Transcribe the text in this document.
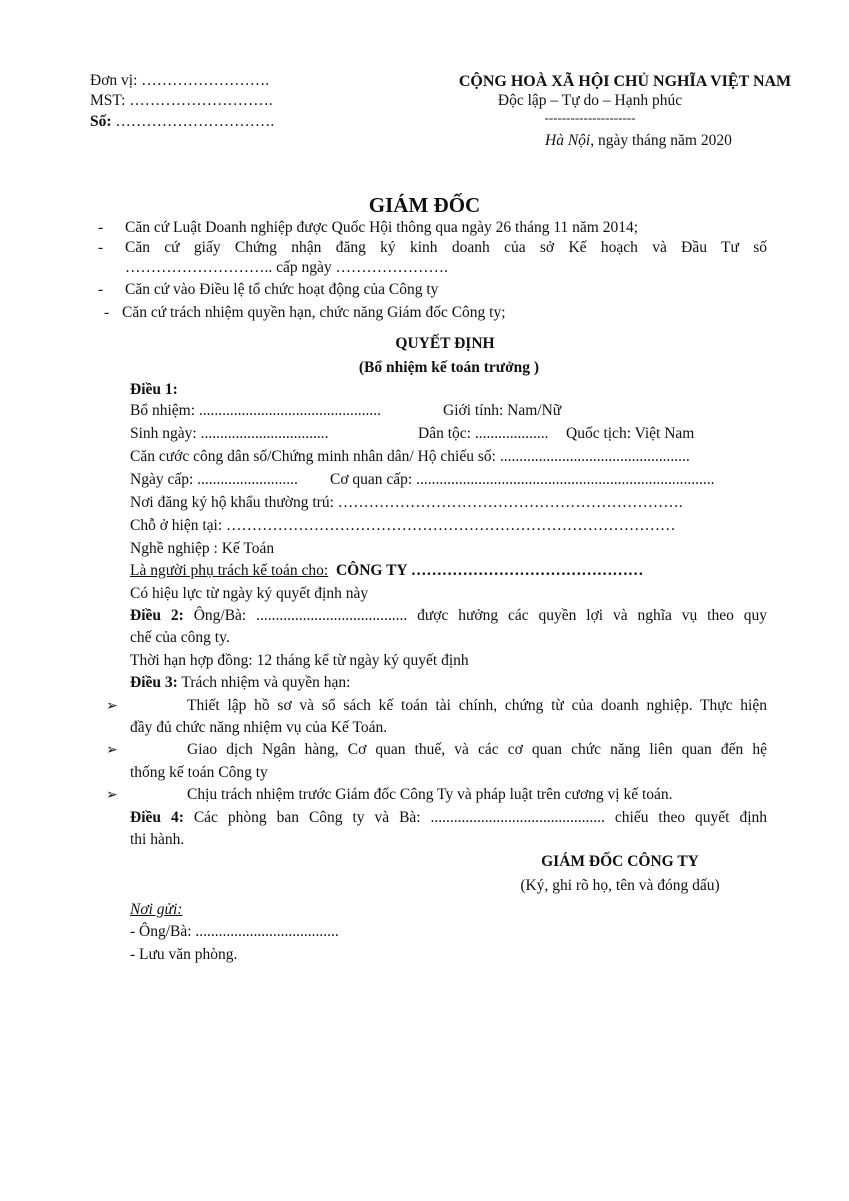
Đơn vị: …………………….
MST: ……………………….
Số: ………………………….
CỘNG HOÀ XÃ HỘI CHỦ NGHĨA VIỆT NAM
Độc lập – Tự do – Hạnh phúc
---------------------
Hà Nội, ngày tháng năm 2020
GIÁM ĐỐC
- Căn cứ Luật Doanh nghiệp được Quốc Hội thông qua ngày 26 tháng 11 năm 2014;
- Căn cứ giấy Chứng nhận đăng ký kinh doanh của sở Kế hoạch và Đầu Tư số
……………………….. cấp ngày ………………….
- Căn cứ vào Điều lệ tổ chức hoạt động của Công ty
- Căn cứ trách nhiệm quyền hạn, chức năng Giám đốc Công ty;
QUYẾT ĐỊNH
(Bổ nhiệm kế toán trưởng )
Điều 1:
Bổ nhiệm: ...............................................	Giới tính: Nam/Nữ
Sinh ngày: .................................	Dân tộc: ................... Quốc tịch: Việt Nam
Căn cước công dân số/Chứng minh nhân dân/ Hộ chiếu số: .................................................
Ngày cấp: .......................... Cơ quan cấp: .............................................................................
Nơi đăng ký hộ khẩu thường trú: ………………………………………………………….
Chỗ ở hiện tại: ……………………………………………………………………………
Nghề nghiệp : Kế Toán
Là người phụ trách kế toán cho: CÔNG TY ………………………………………
Có hiệu lực từ ngày ký quyết định này
Điều 2: Ông/Bà: ....................................... được hưởng các quyền lợi và nghĩa vụ theo quy
chế của công ty.
Thời hạn hợp đồng: 12 tháng kể từ ngày ký quyết định
Điều 3: Trách nhiệm và quyền hạn:
➢	Thiết lập hồ sơ và sổ sách kế toán tài chính, chứng từ của doanh nghiệp. Thực hiện
đầy đủ chức năng nhiệm vụ của Kế Toán.
➢	Giao dịch Ngân hàng, Cơ quan thuế, và các cơ quan chức năng liên quan đến hệ
thống kế toán Công ty
➢	Chịu trách nhiệm trước Giám đốc Công Ty và pháp luật trên cương vị kế toán.
Điều 4: Các phòng ban Công ty và Bà: ............................................. chiếu theo quyết định
thi hành.
GIÁM ĐỐC CÔNG TY
(Ký, ghi rõ họ, tên và đóng dấu)
Nơi gửi:
- Ông/Bà: .....................................
- Lưu văn phòng.
